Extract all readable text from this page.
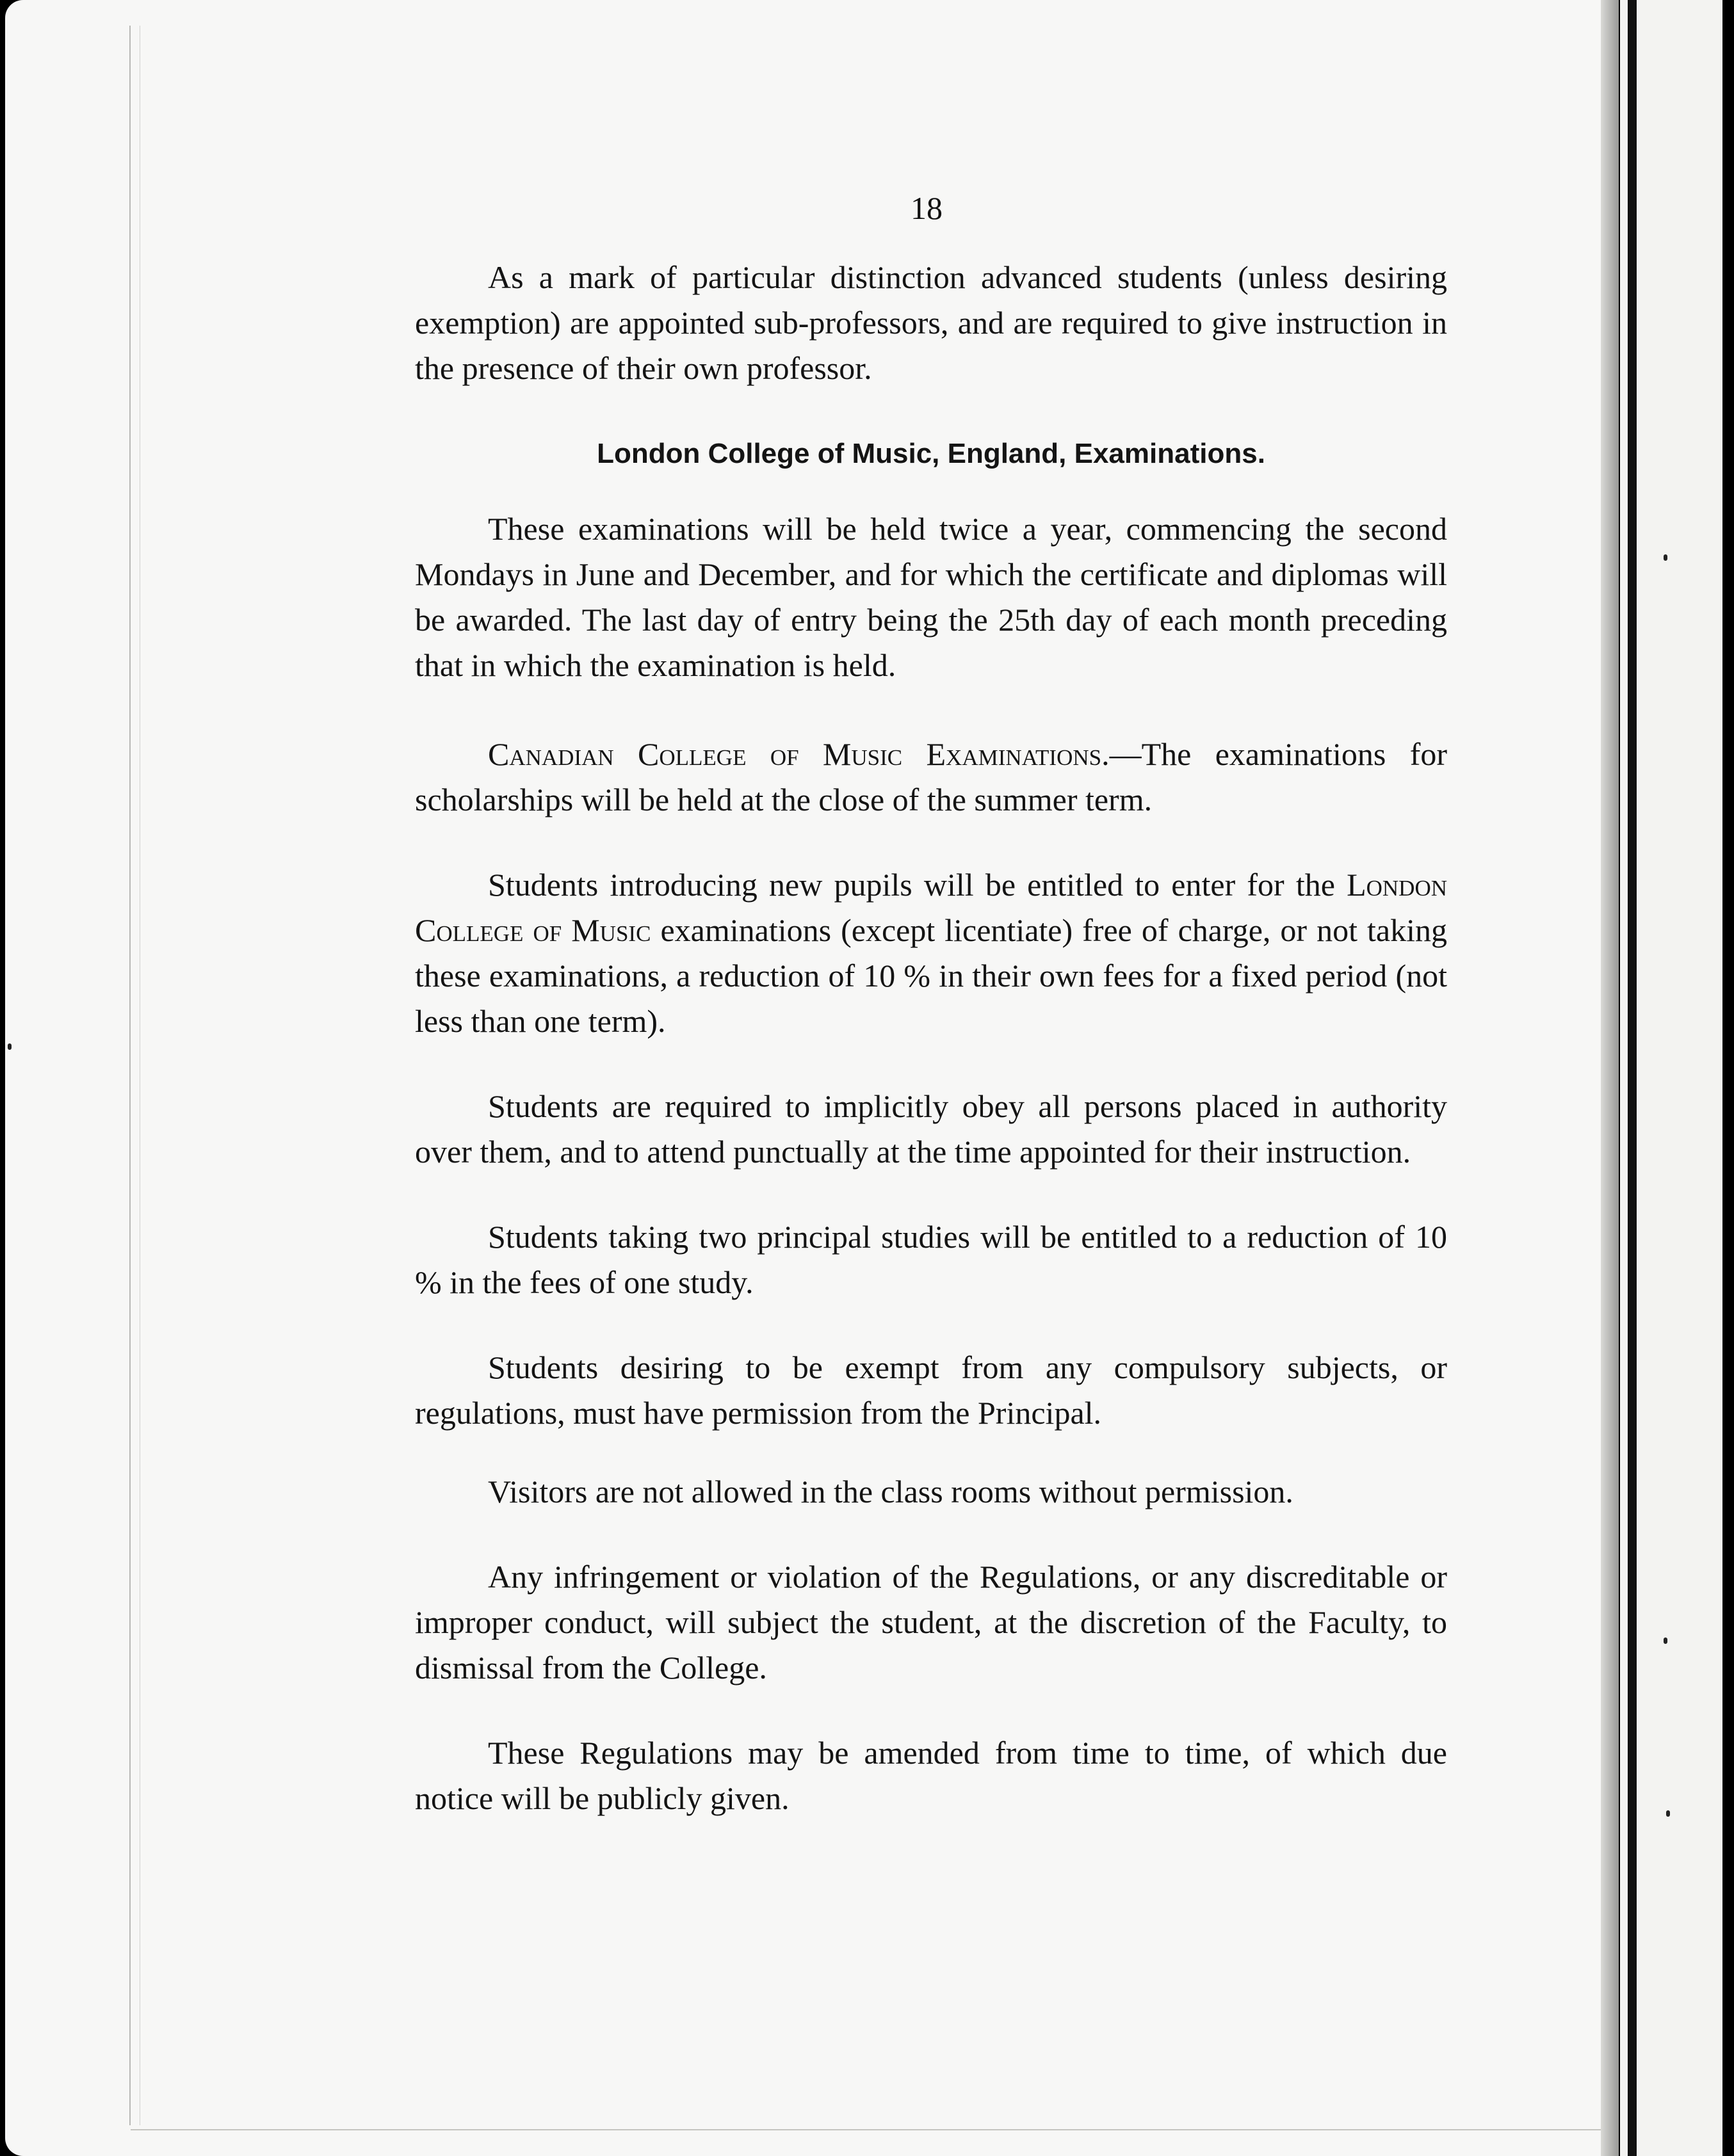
18

As a mark of particular distinction advanced students (unless desiring exemption) are appointed sub-professors, and are required to give instruction in the presence of their own professor.

London College of Music, England, Examinations.

These examinations will be held twice a year, commencing the second Mondays in June and December, and for which the certificate and diplomas will be awarded. The last day of entry being the 25th day of each month preceding that in which the examination is held.

Canadian College of Music Examinations.—The examinations for scholarships will be held at the close of the summer term.

Students introducing new pupils will be entitled to enter for the London College of Music examinations (except licentiate) free of charge, or not taking these examinations, a reduction of 10 % in their own fees for a fixed period (not less than one term).

Students are required to implicitly obey all persons placed in authority over them, and to attend punctually at the time appointed for their instruction.

Students taking two principal studies will be entitled to a reduction of 10 % in the fees of one study.

Students desiring to be exempt from any compulsory subjects, or regulations, must have permission from the Principal.

Visitors are not allowed in the class rooms without permission.

Any infringement or violation of the Regulations, or any discreditable or improper conduct, will subject the student, at the discretion of the Faculty, to dismissal from the College.

These Regulations may be amended from time to time, of which due notice will be publicly given.
